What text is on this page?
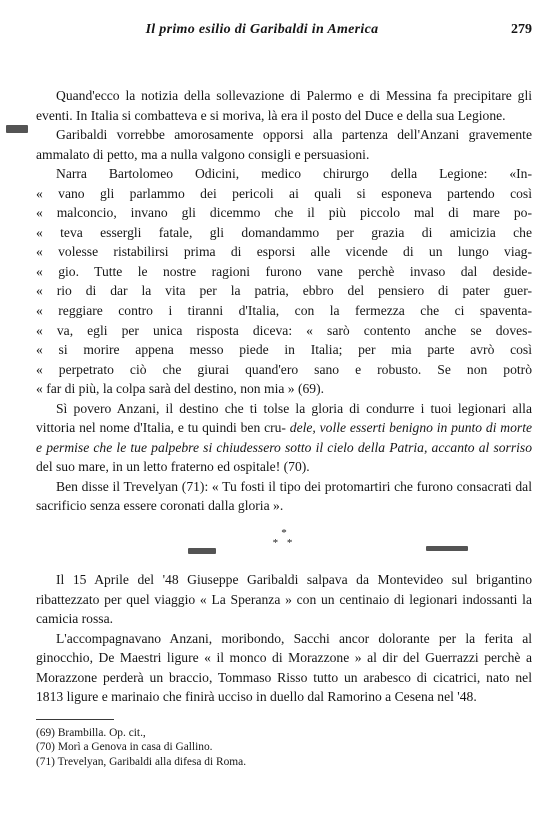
Il primo esilio di Garibaldi in America	279

Quand'ecco la notizia della sollevazione di Palermo e di Messina fa precipitare gli eventi. In Italia si combatteva e si moriva, là era il posto del Duce e della sua Legione.

Garibaldi vorrebbe amorosamente opporsi alla partenza dell'Anzani gravemente ammalato di petto, ma a nulla valgono consigli e persuasioni.

Narra Bartolomeo Odicini, medico chirurgo della Legione: «In-
« vano gli parlammo dei pericoli ai quali si esponeva partendo così
« malconcio, invano gli dicemmo che il più piccolo mal di mare po-
« teva essergli fatale, gli domandammo per grazia di amicizia che
« volesse ristabilirsi prima di esporsi alle vicende di un lungo viag-
« gio. Tutte le nostre ragioni furono vane perchè invaso dal deside-
« rio di dar la vita per la patria, ebbro del pensiero di pater guer-
« reggiare contro i tiranni d'Italia, con la fermezza che ci spaventa-
« va, egli per unica risposta diceva: « sarò contento anche se doves-
« si morire appena messo piede in Italia; per mia parte avrò così
« perpetrato ciò che giurai quand'ero sano e robusto. Se non potrò
« far di più, la colpa sarà del destino, non mia » (69).

Sì povero Anzani, il destino che ti tolse la gloria di condurre i tuoi legionari alla vittoria nel nome d'Italia, e tu quindi ben cru- dele, volle esserti benigno in punto di morte e permise che le tue palpebre si chiudessero sotto il cielo della Patria, accanto al sorriso del suo mare, in un letto fraterno ed ospitale! (70).

Ben disse il Trevelyan (71): « Tu fosti il tipo dei protomartiri che furono consacrati dal sacrificio senza essere coronati dalla gloria ».

*
* *

Il 15 Aprile del '48 Giuseppe Garibaldi salpava da Montevideo sul brigantino ribattezzato per quel viaggio « La Speranza » con un centinaio di legionari indossanti la camicia rossa.

L'accompagnavano Anzani, moribondo, Sacchi ancor dolorante per la ferita al ginocchio, De Maestri ligure « il monco di Morazzone » al dir del Guerrazzi perchè a Morazzone perderà un braccio, Tommaso Risso tutto un arabesco di cicatrici, nato nel 1813 ligure e marinaio che finirà ucciso in duello dal Ramorino a Cesena nel '48.

(69) Brambilla. Op. cit.,
(70) Morì a Genova in casa di Gallino.
(71) Trevelyan, Garibaldi alla difesa di Roma.
